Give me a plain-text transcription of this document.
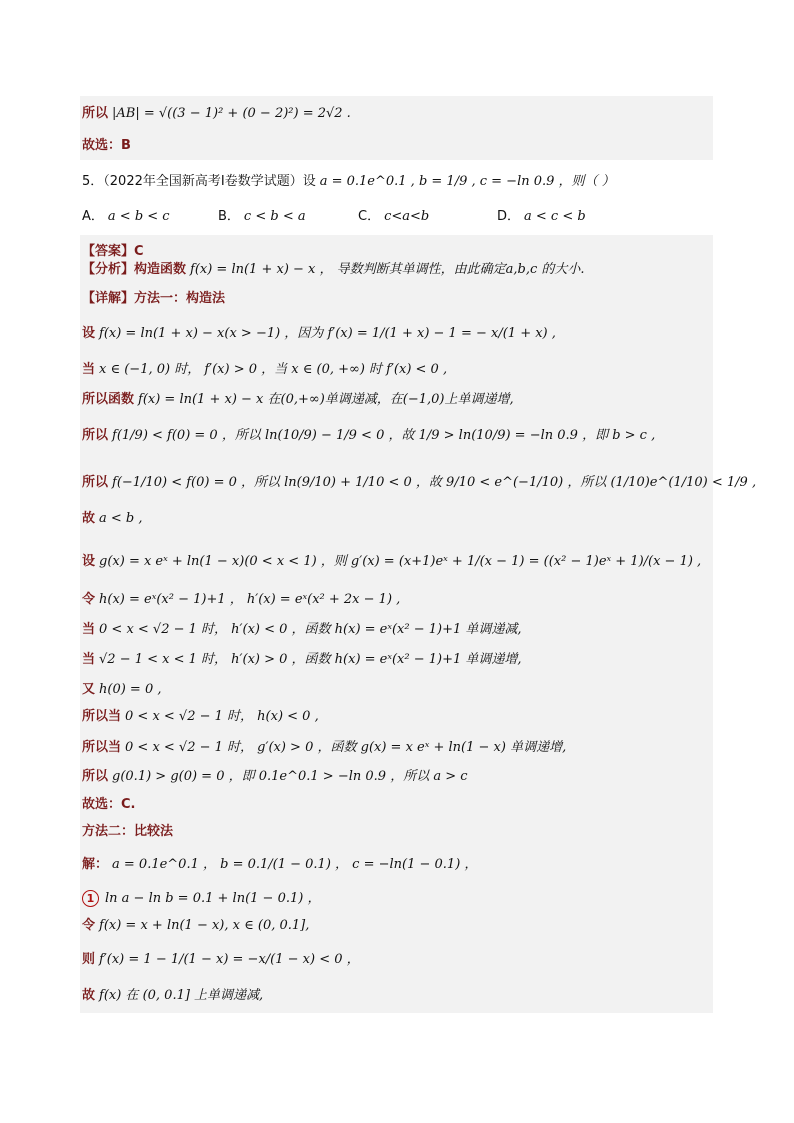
所以 |AB| = √((3 − 1)² + (0 − 2)²) = 2√2 .
故选：B
5．（2022年全国新高考Ⅰ卷数学试题）设 a = 0.1e^0.1 , b = 1/9 , c = −ln 0.9 ，则（ ）
【答案】C
【分析】构造函数 f(x) = ln(1 + x) − x ， 导数判断其单调性，由此确定a,b,c 的大小.
【详解】方法一：构造法
设 f(x) = ln(1 + x) − x(x > −1) ，因为 f′(x) = 1/(1 + x) − 1 = − x/(1 + x) ,
当 x ∈ (−1, 0) 时， f′(x) > 0 ，当 x ∈ (0, +∞) 时 f′(x) < 0 ,
所以函数 f(x) = ln(1 + x) − x 在(0,+∞)单调递减，在(−1,0)上单调递增,
所以 f(1/9) < f(0) = 0 ，所以 ln(10/9) − 1/9 < 0 ，故 1/9 > ln(10/9) = −ln 0.9 ，即 b > c ,
所以 f(−1/10) < f(0) = 0 ，所以 ln(9/10) + 1/10 < 0 ，故 9/10 < e^(−1/10) ，所以 (1/10)e^(1/10) < 1/9 ,
故 a < b ,
设 g(x) = x eˣ + ln(1 − x)(0 < x < 1) ，则 g′(x) = (x+1)eˣ + 1/(x − 1) = ((x² − 1)eˣ + 1)/(x − 1) ,
令 h(x) = eˣ(x² − 1)+1 ， h′(x) = eˣ(x² + 2x − 1) ,
当 0 < x < √2 − 1 时， h′(x) < 0 ，函数 h(x) = eˣ(x² − 1)+1 单调递减,
当 √2 − 1 < x < 1 时， h′(x) > 0 ，函数 h(x) = eˣ(x² − 1)+1 单调递增,
又 h(0) = 0 ,
所以当 0 < x < √2 − 1 时， h(x) < 0 ,
所以当 0 < x < √2 − 1 时， g′(x) > 0 ，函数 g(x) = x eˣ + ln(1 − x) 单调递增,
所以 g(0.1) > g(0) = 0 ，即 0.1e^0.1 > −ln 0.9 ，所以 a > c
故选：C.
方法二：比较法
解： a = 0.1e^0.1 ， b = 0.1/(1 − 0.1) ， c = −ln(1 − 0.1) ，
1 ln a − ln b = 0.1 + ln(1 − 0.1) ，
令 f(x) = x + ln(1 − x), x ∈ (0, 0.1],
则 f′(x) = 1 − 1/(1 − x) = −x/(1 − x) < 0 ，
故 f(x) 在 (0, 0.1] 上单调递减,
A． a < b < c	B． c < b < a	C． c<a<b	D． a < c < b
